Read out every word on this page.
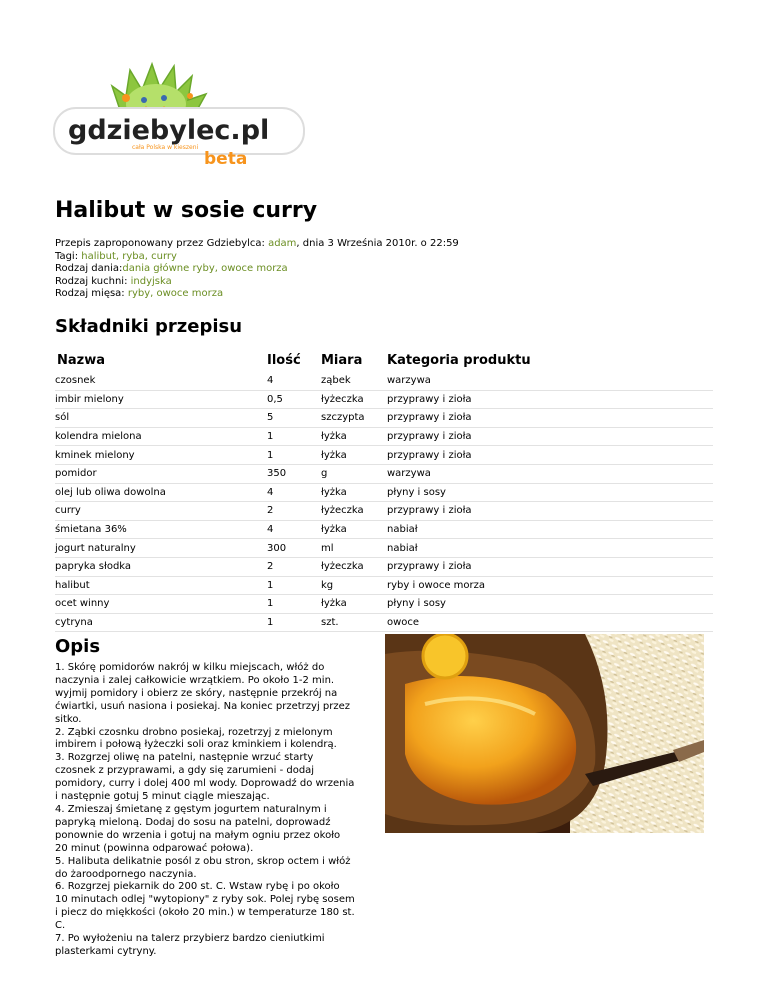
gdziebylec.pl
cała Polska w kieszeni
beta
Halibut w sosie curry
Przepis zaproponowany przez Gdziebylca: adam, dnia 3 Września 2010r. o 22:59
Tagi: halibut, ryba, curry
Rodzaj dania:dania główne ryby, owoce morza
Rodzaj kuchni: indyjska
Rodzaj mięsa: ryby, owoce morza
Składniki przepisu
Nazwa	Ilość	Miara	Kategoria produktu
czosnek	4	ząbek	warzywa
imbir mielony	0,5	łyżeczka	przyprawy i zioła
sól	5	szczypta	przyprawy i zioła
kolendra mielona	1	łyżka	przyprawy i zioła
kminek mielony	1	łyżka	przyprawy i zioła
pomidor	350	g	warzywa
olej lub oliwa dowolna	4	łyżka	płyny i sosy
curry	2	łyżeczka	przyprawy i zioła
śmietana 36%	4	łyżka	nabiał
jogurt naturalny	300	ml	nabiał
papryka słodka	2	łyżeczka	przyprawy i zioła
halibut	1	kg	ryby i owoce morza
ocet winny	1	łyżka	płyny i sosy
cytryna	1	szt.	owoce
Opis
1. Skórę pomidorów nakrój w kilku miejscach, włóż do naczynia i zalej całkowicie wrzątkiem. Po około 1-2 min. wyjmij pomidory i obierz ze skóry, następnie przekrój na ćwiartki, usuń nasiona i posiekaj. Na koniec przetrzyj przez sitko.
2. Ząbki czosnku drobno posiekaj, rozetrzyj z mielonym imbirem i połową łyżeczki soli oraz kminkiem i kolendrą.
3. Rozgrzej oliwę na patelni, następnie wrzuć starty czosnek z przyprawami, a gdy się zarumieni - dodaj pomidory, curry i dolej 400 ml wody. Doprowadź do wrzenia i następnie gotuj 5 minut ciągle mieszając.
4. Zmieszaj śmietanę z gęstym jogurtem naturalnym i papryką mieloną. Dodaj do sosu na patelni, doprowadź ponownie do wrzenia i gotuj na małym ogniu przez około 20 minut (powinna odparować połowa).
5. Halibuta delikatnie posól z obu stron, skrop octem i włóż do żaroodpornego naczynia.
6. Rozgrzej piekarnik do 200 st. C. Wstaw rybę i po około 10 minutach odlej "wytopiony" z ryby sok. Polej rybę sosem i piecz do miękkości (około 20 min.) w temperaturze 180 st. C.
7. Po wyłożeniu na talerz przybierz bardzo cieniutkimi plasterkami cytryny.
